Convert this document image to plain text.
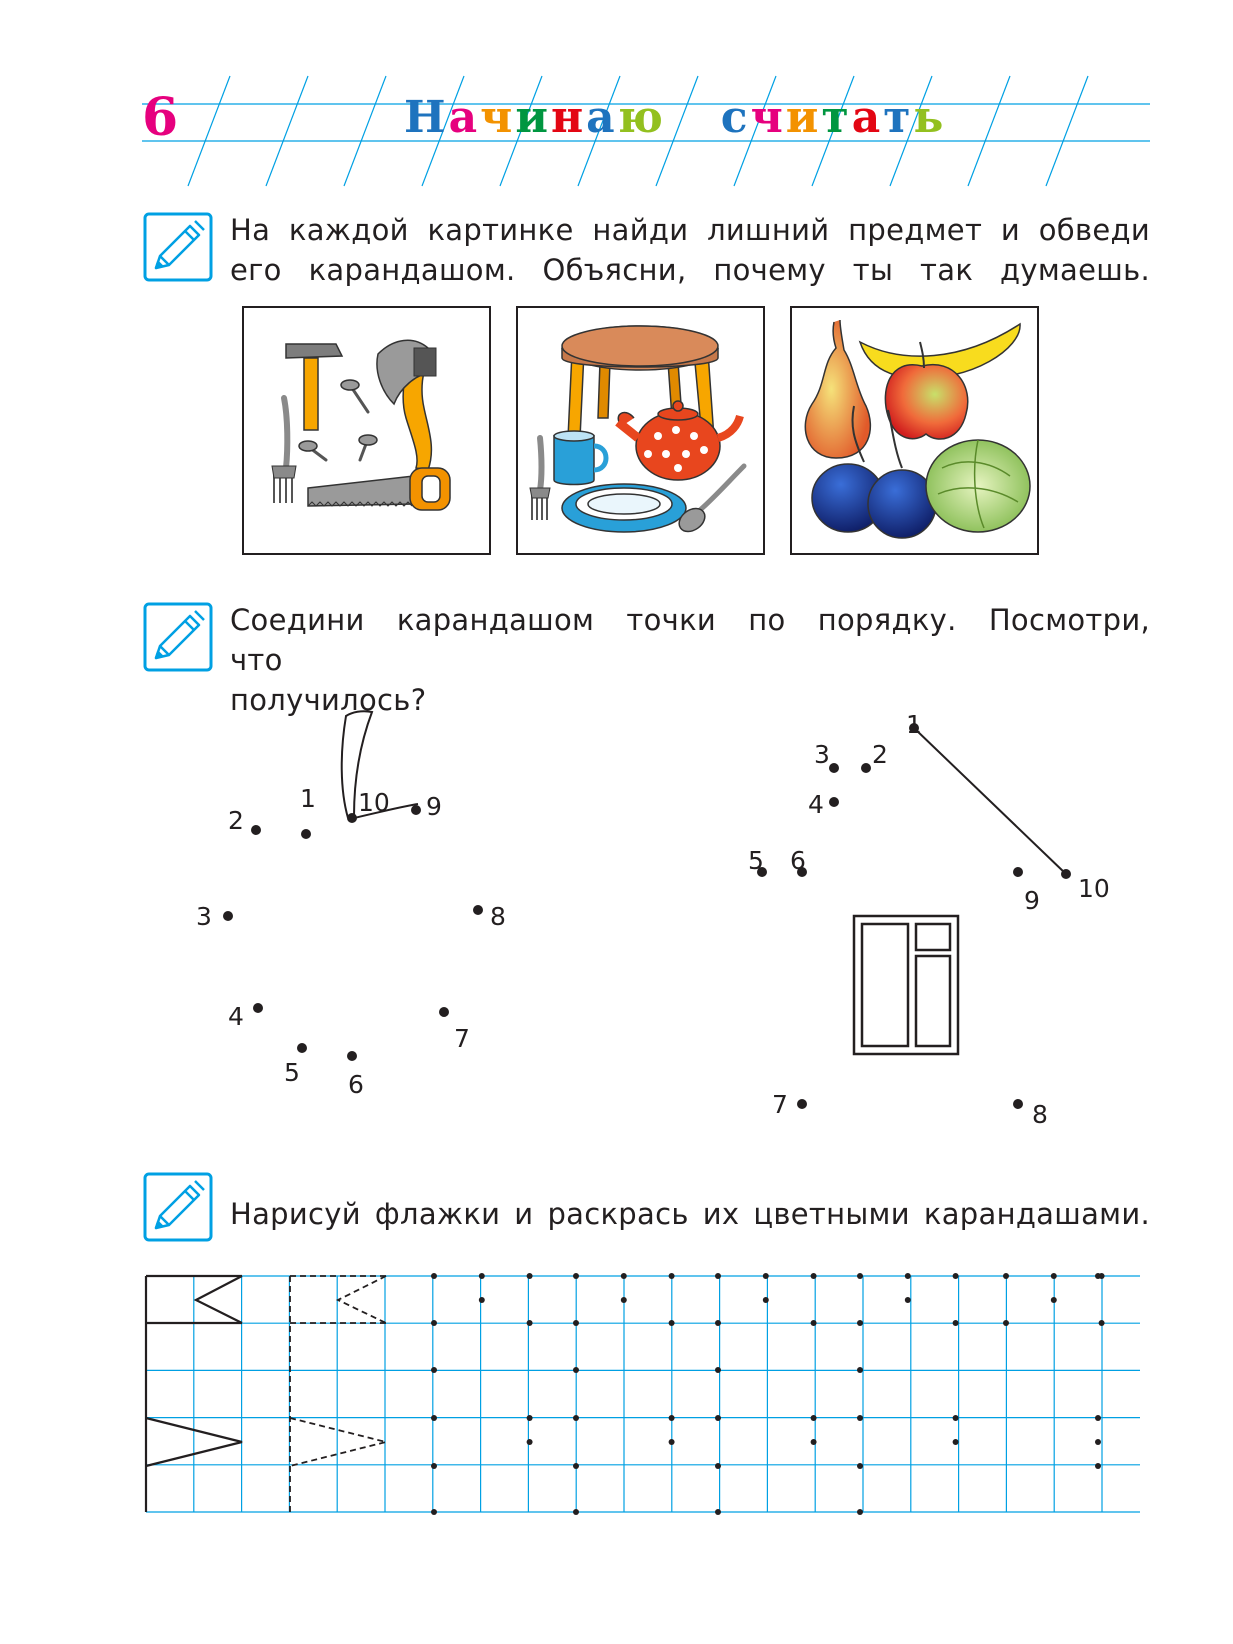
6	Начинаю считать
На каждой картинке найди лишний предмет и обведи
его карандашом. Объясни, почему ты так думаешь.
Соедини карандашом точки по порядку. Посмотри,
что получилось?
1
2
3
4
5 6
7
8
9
10
1
2
3
4
5 6
7	8
9 10
Нарисуй флажки и раскрась их цветными карандашами.
